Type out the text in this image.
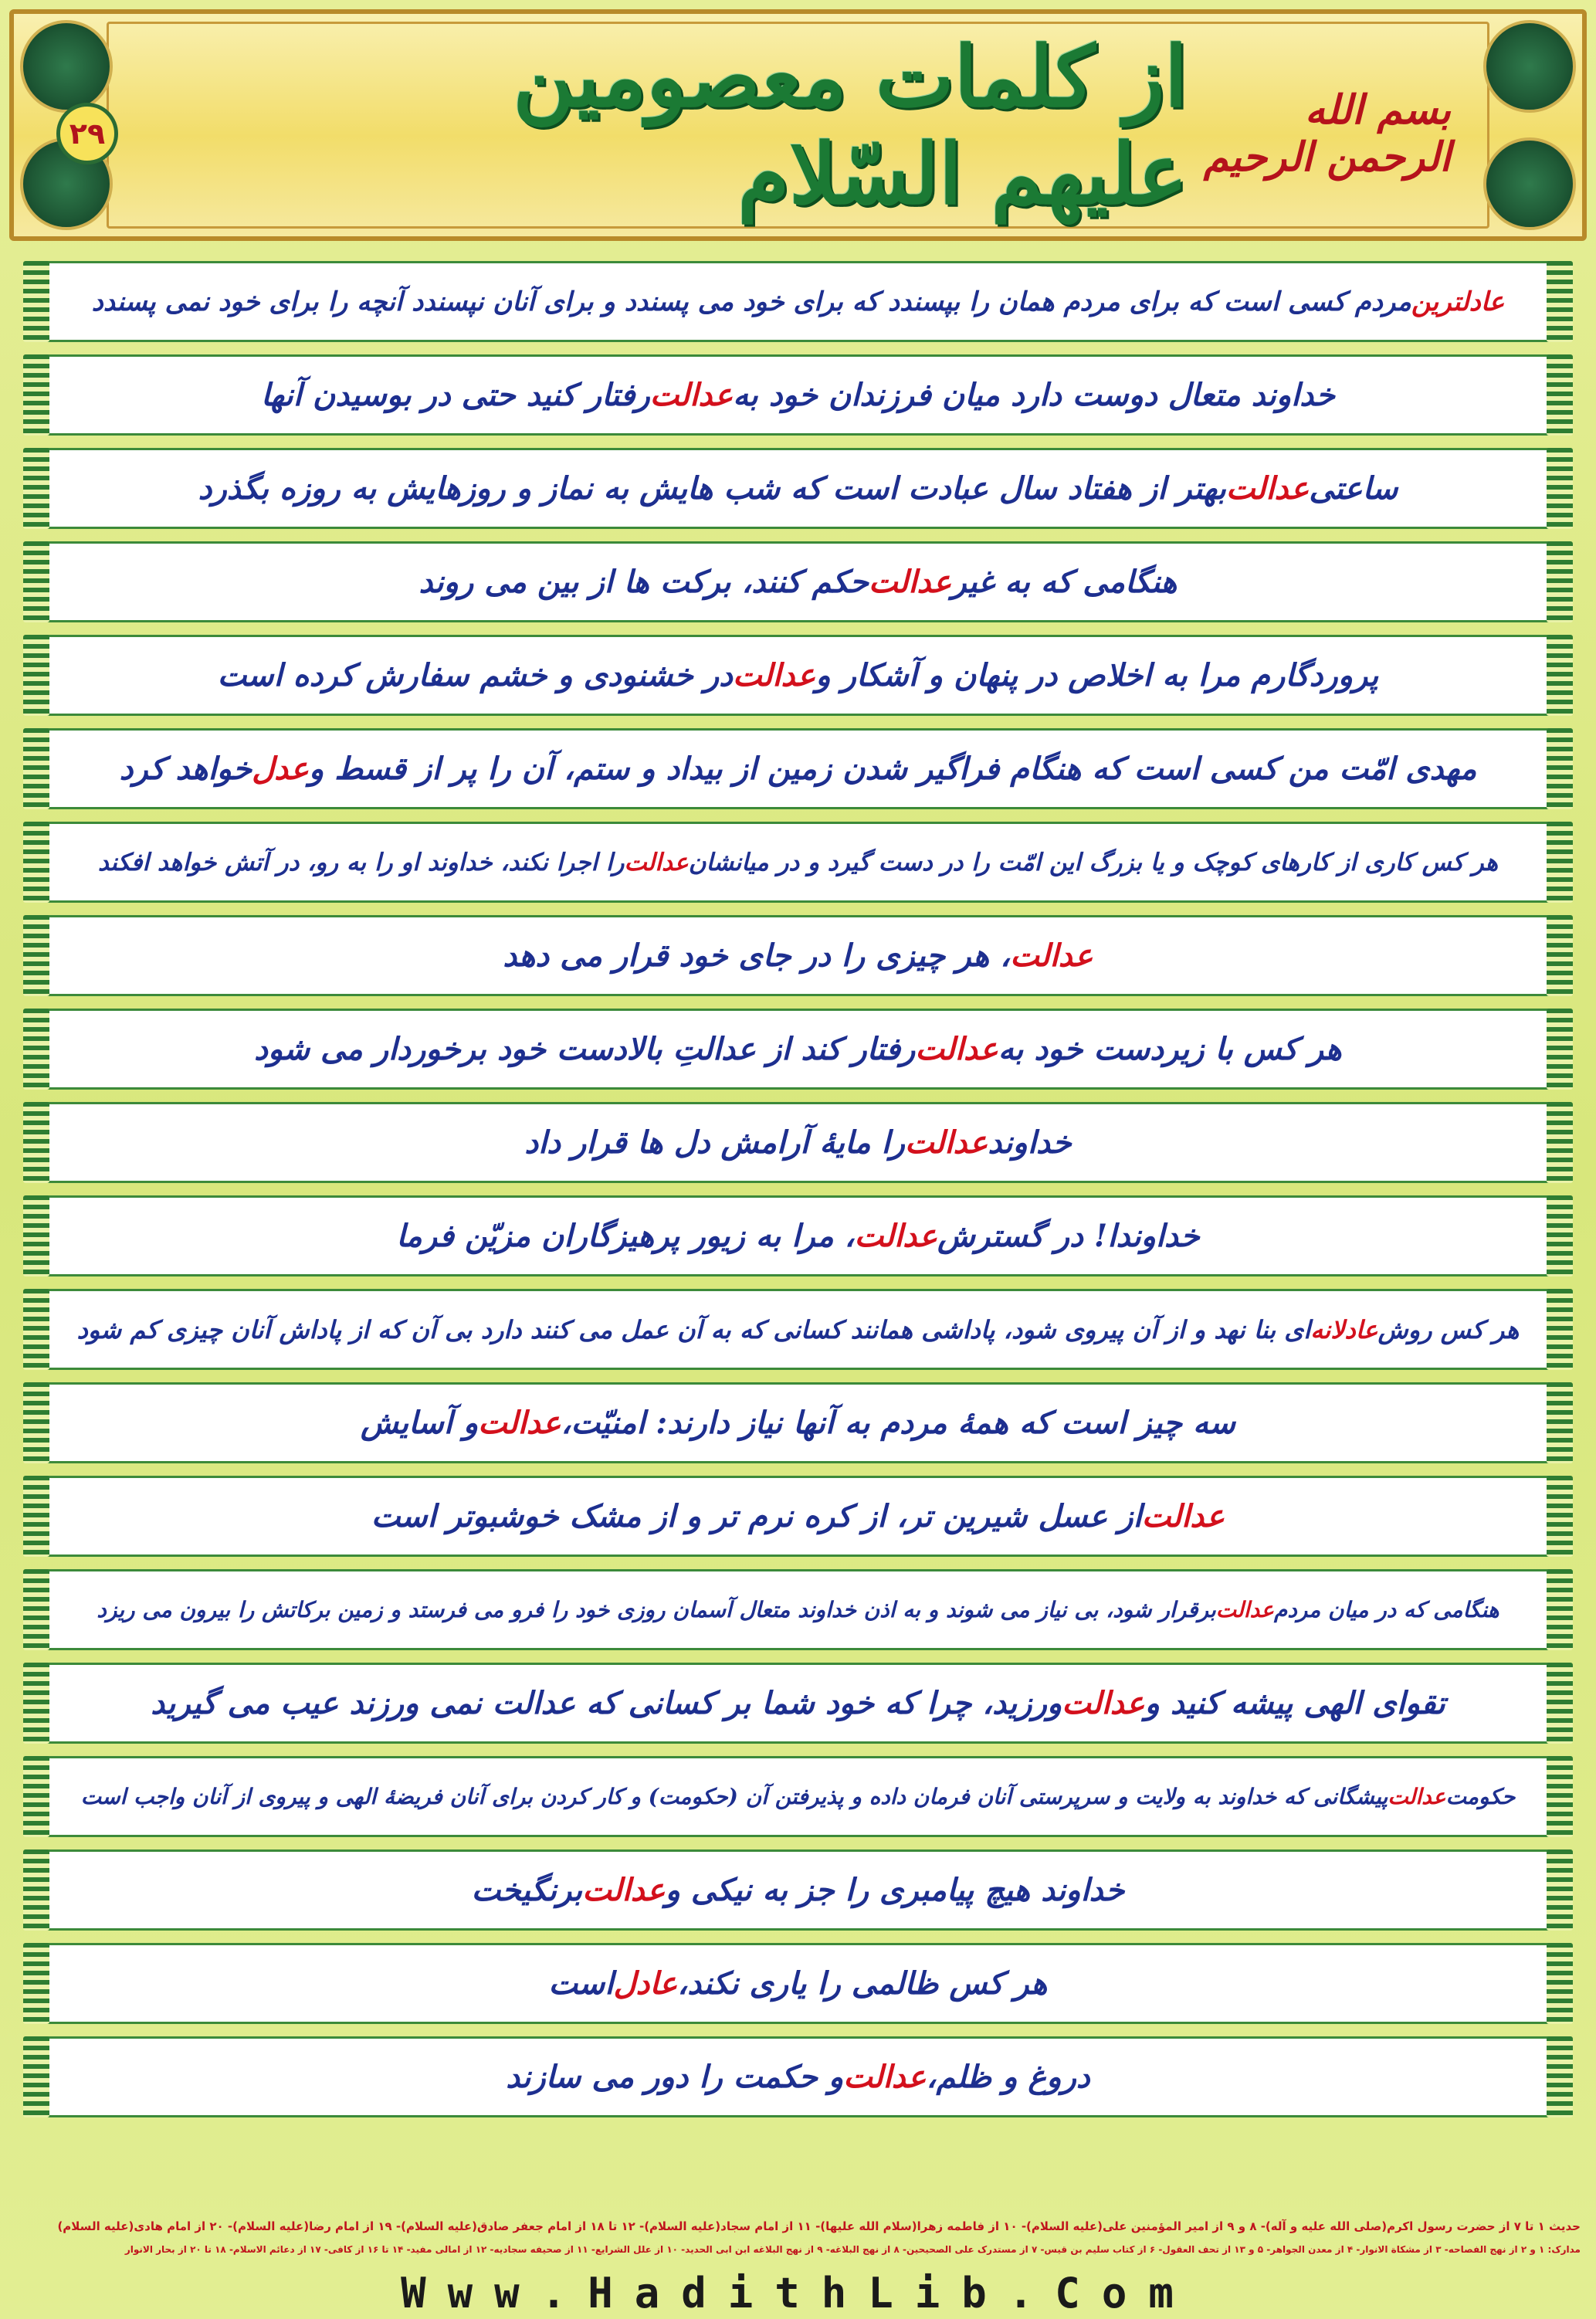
۲۹
از کلمات معصومین علیهم السّلام
بسم الله الرحمن الرحیم
عادلترین
مردم کسی است که برای مردم همان را بپسندد که برای خود می پسندد و برای آنان نپسندد آنچه را برای خود نمی پسندد
خداوند متعال دوست دارد میان فرزندان خود به
عدالت
رفتار کنید حتی در بوسیدن آنها
ساعتی
عدالت
بهتر از هفتاد سال عبادت است که شب هایش به نماز و روزهایش به روزه بگذرد
هنگامی که به غیر
عدالت
حکم کنند، برکت ها از بین می روند
پروردگارم مرا به اخلاص در پنهان و آشکار و
عدالت
در خشنودی و خشم سفارش کرده است
مهدی امّت من کسی است که هنگام فراگیر شدن زمین از بیداد و ستم، آن را پر از قسط و
عدل
خواهد کرد
هر کس کاری از کارهای کوچک و یا بزرگ این امّت را در دست گیرد و در میانشان
عدالت
را اجرا نکند، خداوند او را به رو، در آتش خواهد افکند
عدالت
، هر چیزی را در جای خود قرار می دهد
هر کس با زیردست خود به
عدالت
رفتار کند از عدالتِ بالادست خود برخوردار می شود
خداوند
عدالت
را مایۀ آرامش دل ها قرار داد
خداوندا! در گسترش
عدالت
، مرا به زیور پرهیزگاران مزیّن فرما
هر کس روش
عادلانه
ای بنا نهد و از آن پیروی شود، پاداشی همانند کسانی که به آن عمل می کنند دارد بی آن که از پاداش آنان چیزی کم شود
سه چیز است که همۀ مردم به آنها نیاز دارند: امنیّت،
عدالت
و آسایش
عدالت
از عسل شیرین تر، از کره نرم تر و از مشک خوشبوتر است
هنگامی که در میان مردم
عدالت
برقرار شود، بی نیاز می شوند و به اذن خداوند متعال آسمان روزی خود را فرو می فرستد و زمین برکاتش را بیرون می ریزد
تقوای الهی پیشه کنید و
عدالت
ورزید، چرا که خود شما بر کسانی که عدالت نمی ورزند عیب می گیرید
حکومت
عدالت
پیشگانی که خداوند به ولایت و سرپرستی آنان فرمان داده و پذیرفتن آن (حکومت) و کار کردن برای آنان فریضۀ الهی و پیروی از آنان واجب است
خداوند هیچ پیامبری را جز به نیکی و
عدالت
برنگیخت
هر کس ظالمی را یاری نکند،
عادل
است
دروغ و ظلم،
عدالت
و حکمت را دور می سازند
حدیث ۱ تا ۷ از حضرت رسول اکرم(صلی الله علیه و آله)- ۸ و ۹ از امیر المؤمنین علی(علیه السلام)- ۱۰ از فاطمه زهرا(سلام الله علیها)- ۱۱ از امام سجاد(علیه السلام)- ۱۲ تا ۱۸ از امام جعفر صادق(علیه السلام)- ۱۹ از امام رضا(علیه السلام)- ۲۰ از امام هادی(علیه السلام)
مدارک: ۱ و ۲ از نهج الفصاحه- ۳ از مشکاة الانوار- ۴ از معدن الجواهر- ۵ و ۱۳ از تحف العقول- ۶ از کتاب سلیم بن قیس- ۷ از مستدرک علی الصحیحین- ۸ از نهج البلاغه- ۹ از نهج البلاغه ابن ابی الحدید- ۱۰ از علل الشرایع- ۱۱ از صحیفه سجادیه- ۱۲ از امالی مفید- ۱۴ تا ۱۶ از کافی- ۱۷ از دعائم الاسلام- ۱۸ تا ۲۰ از بحار الانوار
Www.HadithLib.Com
